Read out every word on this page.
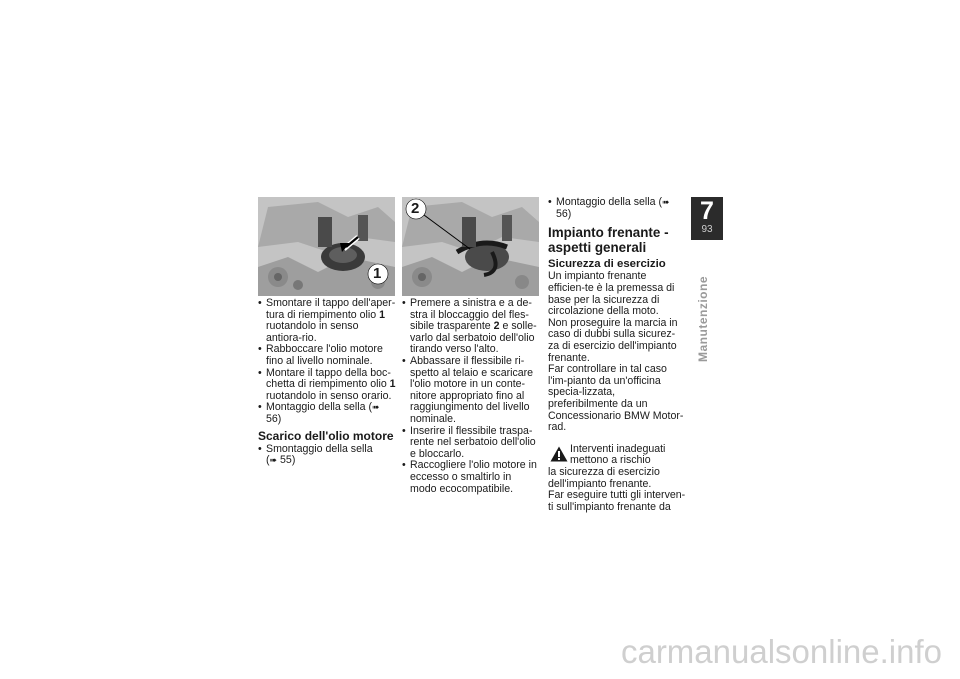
1
• Smontare il tappo dell'aper-tura di riempimento olio 1 ruotandolo in senso antiora-rio.
• Rabboccare l'olio motore fino al livello nominale.
• Montare il tappo della boc-chetta di riempimento olio 1 ruotandolo in senso orario.
• Montaggio della sella (➠ 56)
Scarico dell'olio motore
• Smontaggio della sella
(➠ 55)
2
• Premere a sinistra e a de-stra il bloccaggio del fles-sibile trasparente 2 e solle-varlo dal serbatoio dell'olio tirando verso l'alto.
• Abbassare il flessibile ri-spetto al telaio e scaricare l'olio motore in un conte-nitore appropriato fino al raggiungimento del livello nominale.
• Inserire il flessibile traspa-rente nel serbatoio dell'olio e bloccarlo.
• Raccogliere l'olio motore in eccesso o smaltirlo in modo ecocompatibile.
• Montaggio della sella (➠ 56)
Impianto frenante - aspetti generali
Sicurezza di esercizio
Un impianto frenante efficien-te è la premessa di base per la sicurezza di circolazione della moto.
Non proseguire la marcia in caso di dubbi sulla sicurez-za di esercizio dell'impianto frenante.
Far controllare in tal caso l'im-pianto da un'officina specia-lizzata, preferibilmente da un Concessionario BMW Motor-rad.
Interventi inadeguati
mettono a rischio
la sicurezza di esercizio dell'impianto frenante.
Far eseguire tutti gli interven-ti sull'impianto frenante da
7
93
Manutenzione
carmanualsonline.info
